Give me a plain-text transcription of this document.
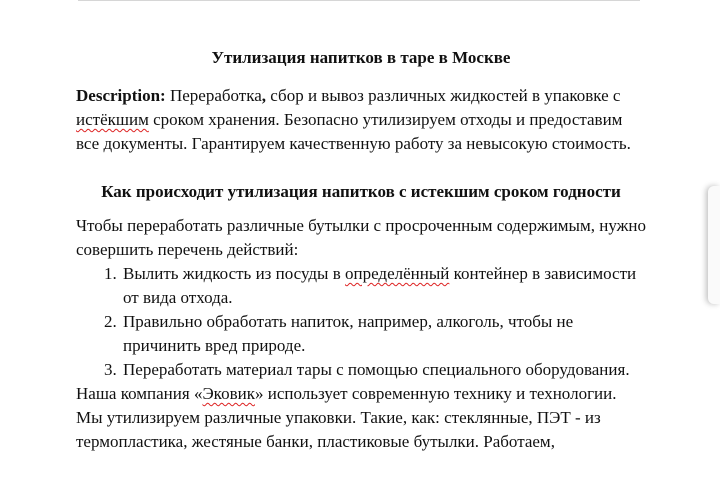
Утилизация напитков в таре в Москве

Description: Переработка, сбор и вывоз различных жидкостей в упаковке с истёкшим сроком хранения. Безопасно утилизируем отходы и предоставим все документы. Гарантируем качественную работу за невысокую стоимость.

Как происходит утилизация напитков с истекшим сроком годности

Чтобы переработать различные бутылки с просроченным содержимым, нужно совершить перечень действий:

1. Вылить жидкость из посуды в определённый контейнер в зависимости от вида отхода.
2. Правильно обработать напиток, например, алкоголь, чтобы не причинить вред природе.
3. Переработать материал тары с помощью специального оборудования.

Наша компания «Эковик» использует современную технику и технологии. Мы утилизируем различные упаковки. Такие, как: стеклянные, ПЭТ - из термопластика, жестяные банки, пластиковые бутылки. Работаем,
